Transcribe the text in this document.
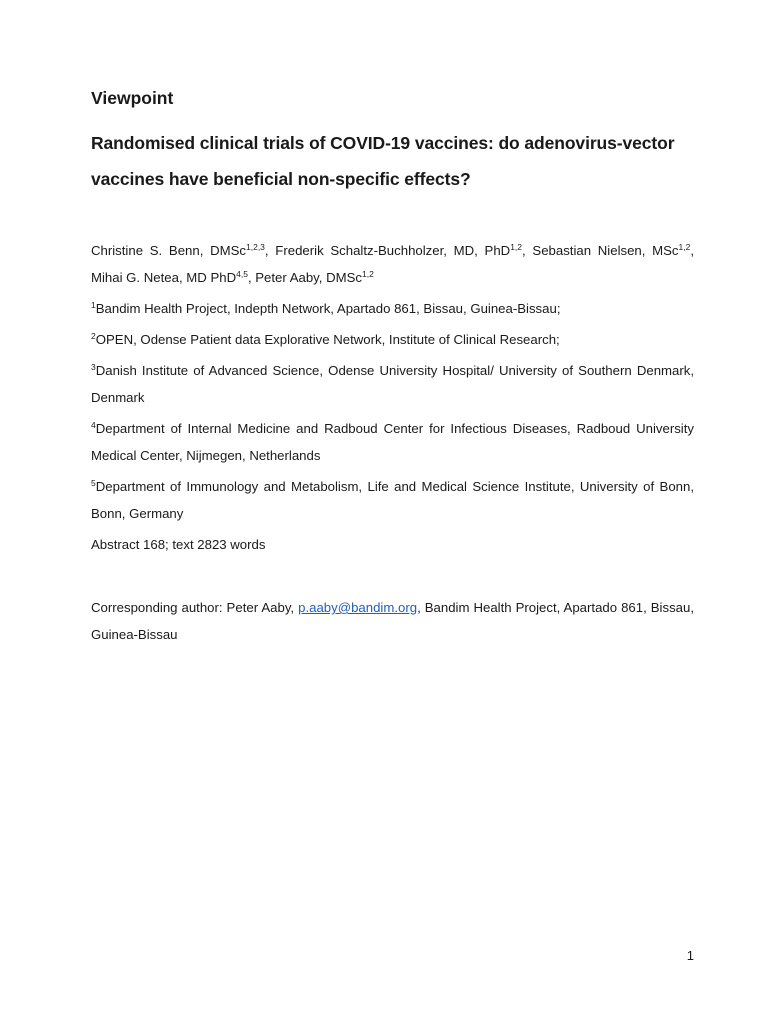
Viewpoint

Randomised clinical trials of COVID-19 vaccines: do adenovirus-vector vaccines have beneficial non-specific effects?

Christine S. Benn, DMSc$^{1,2,3}$, Frederik Schaltz-Buchholzer, MD, PhD$^{1,2}$, Sebastian Nielsen, MSc$^{1,2}$, Mihai G. Netea, MD PhD$^{4,5}$, Peter Aaby, DMSc$^{1,2}$

$^1$Bandim Health Project, Indepth Network, Apartado 861, Bissau, Guinea-Bissau;

$^2$OPEN, Odense Patient data Explorative Network, Institute of Clinical Research;

$^3$Danish Institute of Advanced Science, Odense University Hospital/ University of Southern Denmark, Denmark

$^4$Department of Internal Medicine and Radboud Center for Infectious Diseases, Radboud University Medical Center, Nijmegen, Netherlands

$^5$Department of Immunology and Metabolism, Life and Medical Science Institute, University of Bonn, Bonn, Germany

Abstract 168; text 2823 words

Corresponding author: Peter Aaby, p.aaby@bandim.org, Bandim Health Project, Apartado 861, Bissau, Guinea-Bissau

1
